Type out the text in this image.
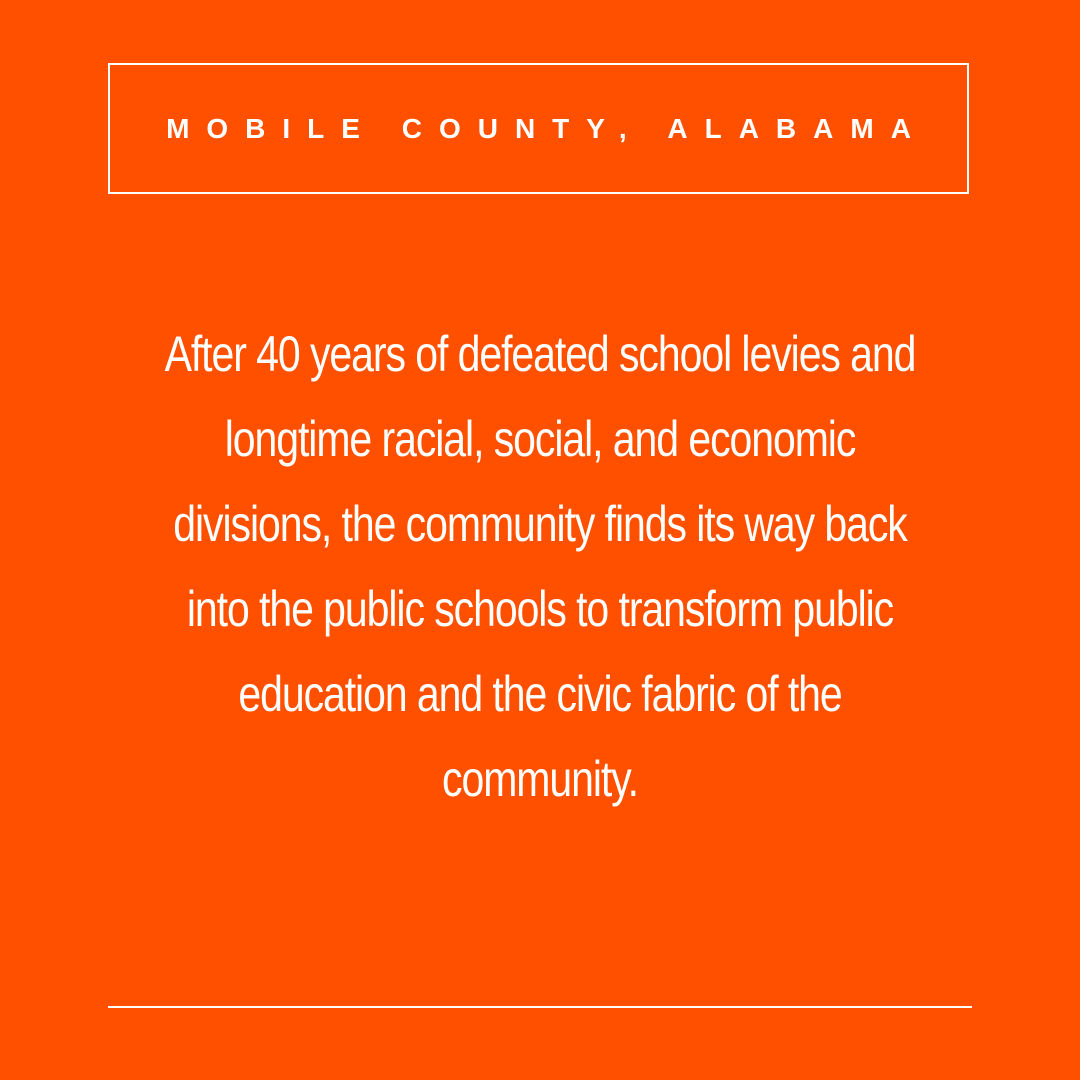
MOBILE COUNTY, ALABAMA
After 40 years of defeated school levies and
longtime racial, social, and economic
divisions, the community finds its way back
into the public schools to transform public
education and the civic fabric of the
community.
